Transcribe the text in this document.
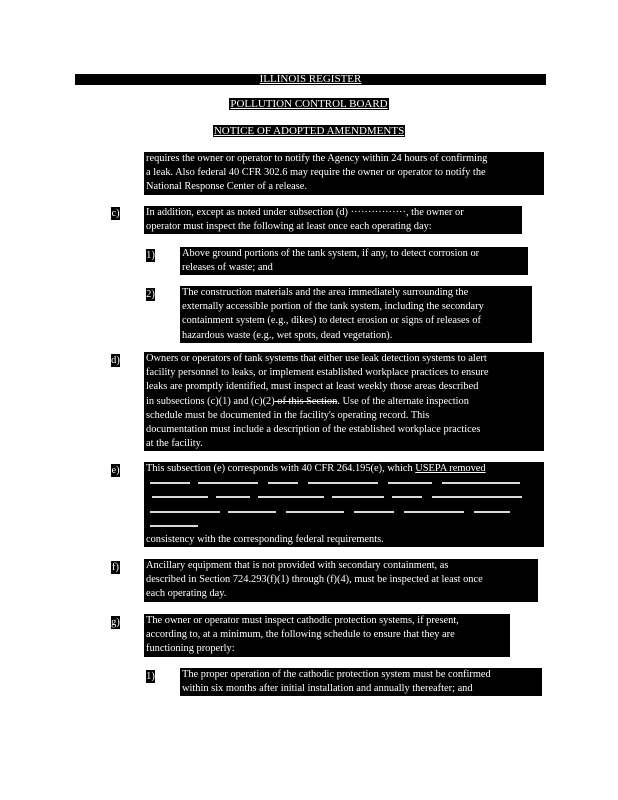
ILLINOIS REGISTER
POLLUTION CONTROL BOARD
NOTICE OF ADOPTED AMENDMENTS
requires the owner or operator to notify the Agency within 24 hours of confirming
a leak. Also federal 40 CFR 302.6 may require the owner or operator to notify the
National Response Center of a release.
c)	In addition, except as noted under subsection (d) ················, the owner or
operator must inspect the following at least once each operating day:
1)	Above ground portions of the tank system, if any, to detect corrosion or
releases of waste; and
2)	The construction materials and the area immediately surrounding the
externally accessible portion of the tank system, including the secondary
containment system (e.g., dikes) to detect erosion or signs of releases of
hazardous waste (e.g., wet spots, dead vegetation).
d)	Owners or operators of tank systems that either use leak detection systems to alert
facility personnel to leaks, or implement established workplace practices to ensure
leaks are promptly identified, must inspect at least weekly those areas described
in subsections (c)(1) and (c)(2) of this Section. Use of the alternate inspection
schedule must be documented in the facility's operating record. This
documentation must include a description of the established workplace practices
at the facility.
e)	This subsection (e) corresponds with 40 CFR 264.195(e), which USEPA removed
consistency with the corresponding federal requirements.
f)	Ancillary equipment that is not provided with secondary containment, as
described in Section 724.293(f)(1) through (f)(4), must be inspected at least once
each operating day.
g)	The owner or operator must inspect cathodic protection systems, if present,
according to, at a minimum, the following schedule to ensure that they are
functioning properly:
1)	The proper operation of the cathodic protection system must be confirmed
within six months after initial installation and annually thereafter; and
